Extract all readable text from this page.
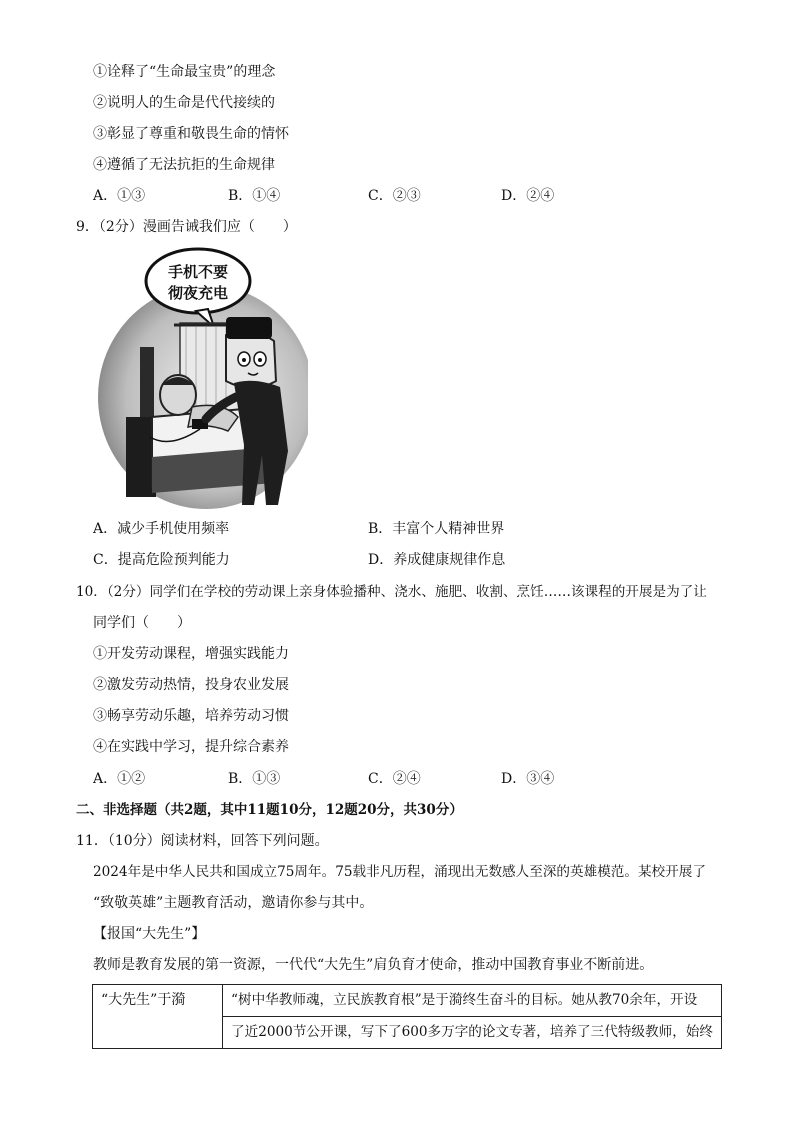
①诠释了“生命最宝贵”的理念
②说明人的生命是代代接续的
③彰显了尊重和敬畏生命的情怀
④遵循了无法抗拒的生命规律
A．①③	B．①④	C．②③	D．②④
9．（2分）漫画告诫我们应（　　）
手机不要
彻夜充电
A．减少手机使用频率	B．丰富个人精神世界
C．提高危险预判能力	D．养成健康规律作息
10．（2分）同学们在学校的劳动课上亲身体验播种、浇水、施肥、收割、烹饪……该课程的开展是为了让
同学们（　　）
①开发劳动课程，增强实践能力
②激发劳动热情，投身农业发展
③畅享劳动乐趣，培养劳动习惯
④在实践中学习，提升综合素养
A．①②	B．①③	C．②④	D．③④
二、非选择题（共2题，其中11题10分，12题20分，共30分）
11．（10分）阅读材料，回答下列问题。
2024年是中华人民共和国成立75周年。75载非凡历程，涌现出无数感人至深的英雄模范。某校开展了
“致敬英雄”主题教育活动，邀请你参与其中。
【报国“大先生”】
教师是教育发展的第一资源，一代代“大先生”肩负育才使命，推动中国教育事业不断前进。
“大先生”于漪	“树中华教师魂，立民族教育根”是于漪终生奋斗的目标。她从教70余年，开设
了近2000节公开课，写下了600多万字的论文专著，培养了三代特级教师，始终
